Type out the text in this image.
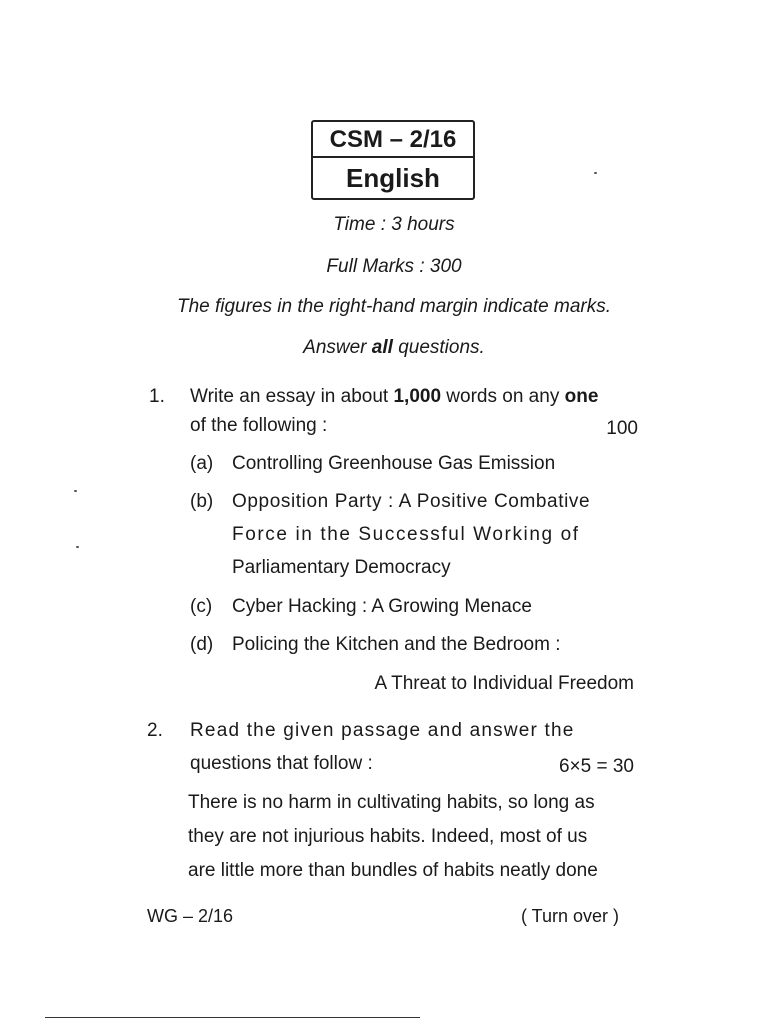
CSM – 2/16
English
Time : 3 hours
Full Marks : 300
The figures in the right-hand margin indicate marks.
Answer all questions.
1. Write an essay in about 1,000 words on any one
of the following :	100
(a) Controlling Greenhouse Gas Emission
(b) Opposition Party : A Positive Combative
Force in the Successful Working of
Parliamentary Democracy
(c) Cyber Hacking : A Growing Menace
(d) Policing the Kitchen and the Bedroom :
A Threat to Individual Freedom
2. Read the given passage and answer the
questions that follow :	6×5 = 30
There is no harm in cultivating habits, so long as
they are not injurious habits. Indeed, most of us
are little more than bundles of habits neatly done
WG – 2/16	( Turn over )
